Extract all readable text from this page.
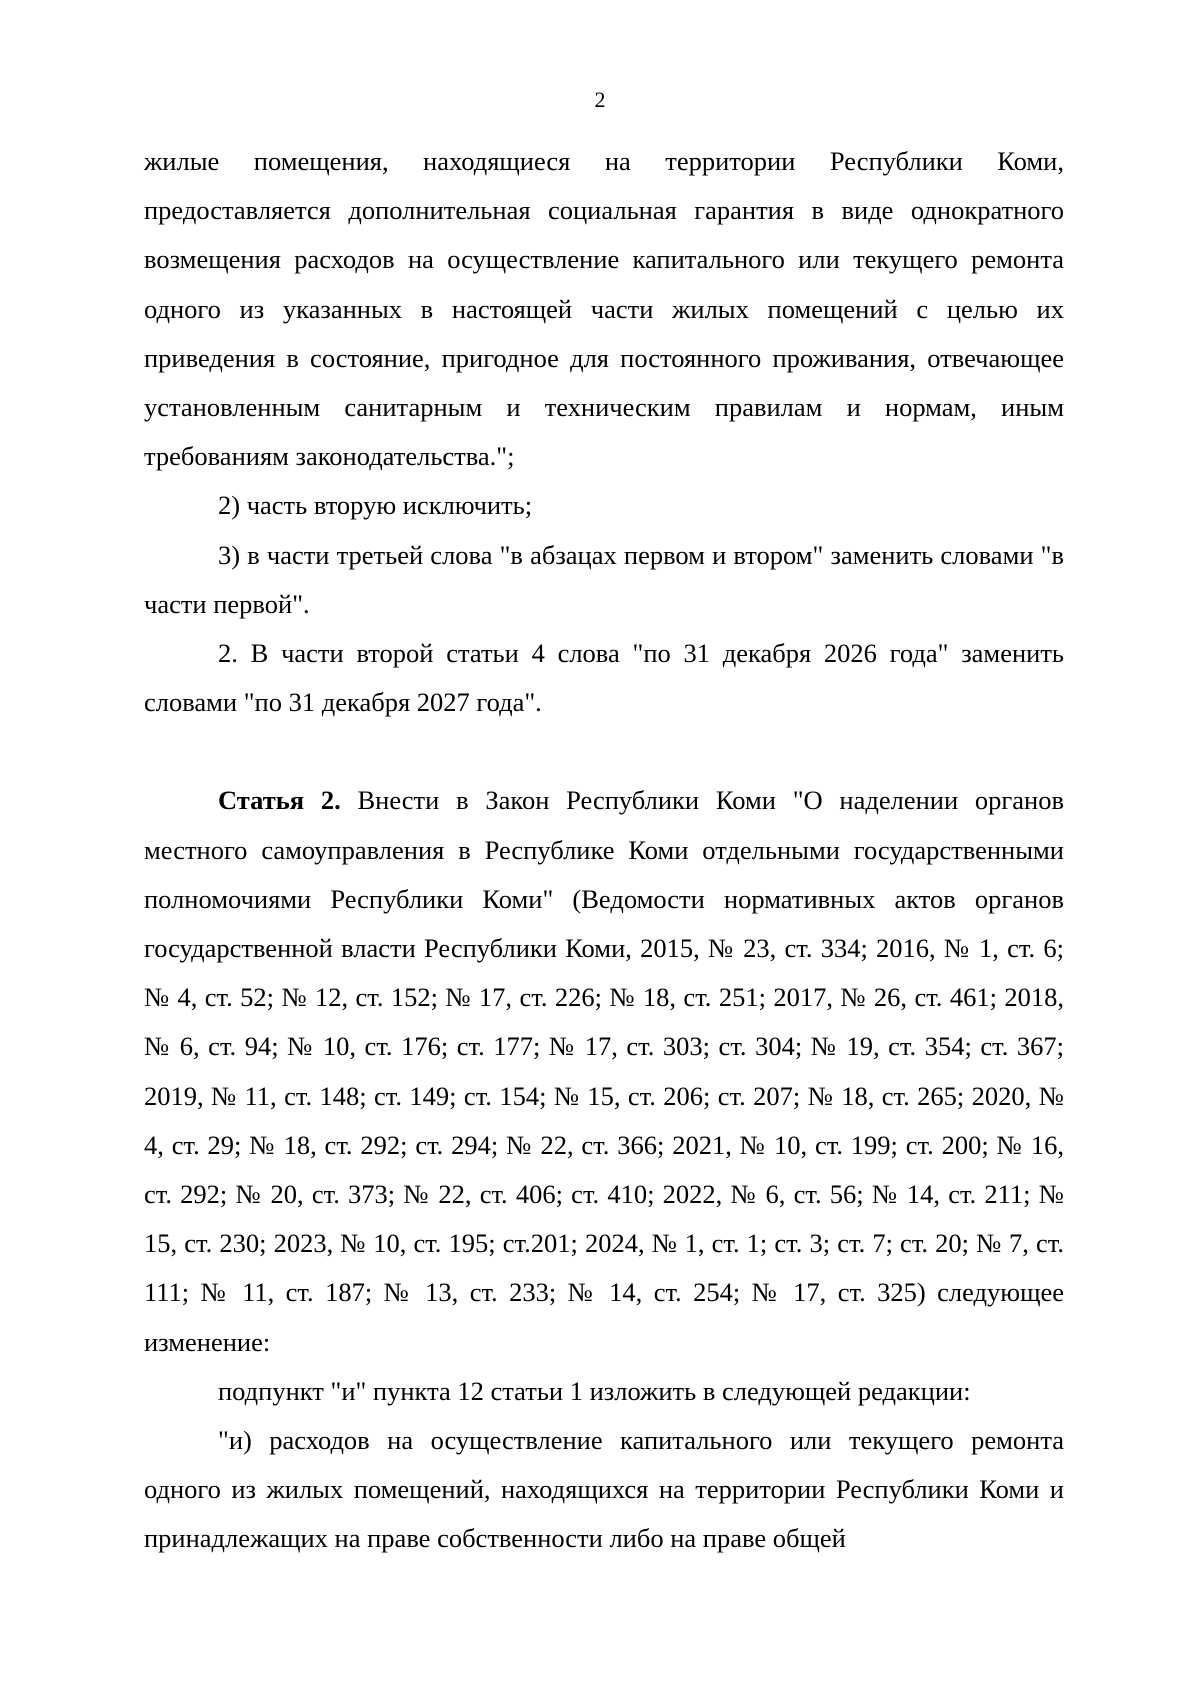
2

жилые помещения, находящиеся на территории Республики Коми, предоставляется дополнительная социальная гарантия в виде однократного возмещения расходов на осуществление капитального или текущего ремонта одного из указанных в настоящей части жилых помещений с целью их приведения в состояние, пригодное для постоянного проживания, отвечающее установленным санитарным и техническим правилам и нормам, иным требованиям законодательства.";

2) часть вторую исключить;

3) в части третьей слова "в абзацах первом и втором" заменить словами "в части первой".

2. В части второй статьи 4 слова "по 31 декабря 2026 года" заменить словами "по 31 декабря 2027 года".

Статья 2. Внести в Закон Республики Коми "О наделении органов местного самоуправления в Республике Коми отдельными государственными полномочиями Республики Коми" (Ведомости нормативных актов органов государственной власти Республики Коми, 2015, № 23, ст. 334; 2016, № 1, ст. 6; № 4, ст. 52; № 12, ст. 152; № 17, ст. 226; № 18, ст. 251; 2017, № 26, ст. 461; 2018, № 6, ст. 94; № 10, ст. 176; ст. 177; № 17, ст. 303; ст. 304; № 19, ст. 354; ст. 367; 2019, № 11, ст. 148; ст. 149; ст. 154; № 15, ст. 206; ст. 207; № 18, ст. 265; 2020, № 4, ст. 29; № 18, ст. 292; ст. 294; № 22, ст. 366; 2021, № 10, ст. 199; ст. 200; № 16, ст. 292; № 20, ст. 373; № 22, ст. 406; ст. 410; 2022, № 6, ст. 56; № 14, ст. 211; № 15, ст. 230; 2023, № 10, ст. 195; ст.201; 2024, № 1, ст. 1; ст. 3; ст. 7; ст. 20; № 7, ст. 111; № 11, ст. 187; № 13, ст. 233; № 14, ст. 254; № 17, ст. 325) следующее изменение:

подпункт "и" пункта 12 статьи 1 изложить в следующей редакции:

"и) расходов на осуществление капитального или текущего ремонта одного из жилых помещений, находящихся на территории Республики Коми и принадлежащих на праве собственности либо на праве общей
